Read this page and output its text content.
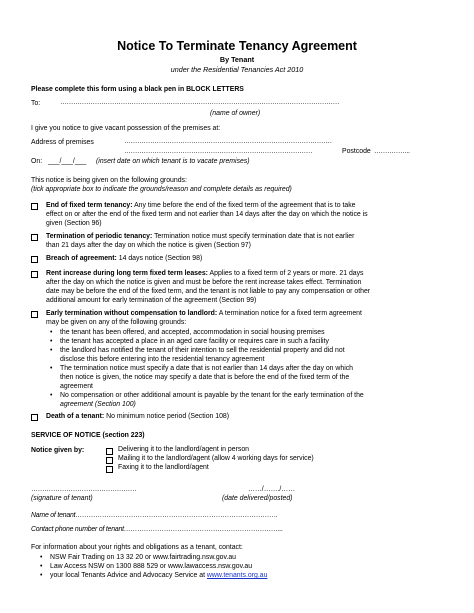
Notice To Terminate Tenancy Agreement
By Tenant
under the Residential Tenancies Act 2010
Please complete this form using a black pen in BLOCK LETTERS
To:	…………………………………………………………………………………………………………………
(name of owner)
I give you notice to give vacant possession of the premises at:
Address of premises	……………………………………………………………………………………
……………………………………………………………………………	Postcode ……………..
On: ___/___/___ (insert date on which tenant is to vacate premises)
This notice is being given on the following grounds:
(tick appropriate box to indicate the grounds/reason and complete details as required)

End of fixed term tenancy: Any time before the end of the fixed term of the agreement that is to take

effect on or after the end of the fixed term and not earlier than 14 days after the day on which the notice is

given (Section 96)

Termination of periodic tenancy: Termination notice must specify termination date that is not earlier

than 21 days after the day on which the notice is given (Section 97)

Breach of agreement: 14 days notice (Section 98)

Rent increase during long term fixed term leases: Applies to a fixed term of 2 years or more. 21 days

after the day on which the notice is given and must be before the rent increase takes effect. Termination

date may be before the end of the fixed term, and the tenant is not liable to pay any compensation or other

additional amount for early termination of the agreement (Section 99)

Early termination without compensation to landlord: A termination notice for a fixed term agreement

may be given on any of the following grounds:

• the tenant has been offered, and accepted, accommodation in social housing premises
• the tenant has accepted a place in an aged care facility or requires care in such a facility
• the landlord has notified the tenant of their intention to sell the residential property and did not
disclose this before entering into the residential tenancy agreement
• The termination notice must specify a date that is not earlier than 14 days after the day on which
then notice is given, the notice may specify a date that is before the end of the fixed term of the
agreement
• No compensation or other additional amount is payable by the tenant for the early termination of the
agreement (Section 100)

Death of a tenant: No minimum notice period (Section 108)

SERVICE OF NOTICE (section 223)
Notice given by:	Delivering it to the landlord/agent in person
Mailing it to the landlord/agent (allow 4 working days for service)
Faxing it to the landlord/agent
…………………………………………	……/……./……
(signature of tenant)	(date delivered/posted)
Name of tenant……………………………………………………………………………….
Contact phone number of tenant……………………………………………………………...
For information about your rights and obligations as a tenant, contact:
• NSW Fair Trading on 13 32 20 or www.fairtrading.nsw.gov.au
• Law Access NSW on 1300 888 529 or www.lawaccess.nsw.gov.au
• your local Tenants Advice and Advocacy Service at www.tenants.org.au
